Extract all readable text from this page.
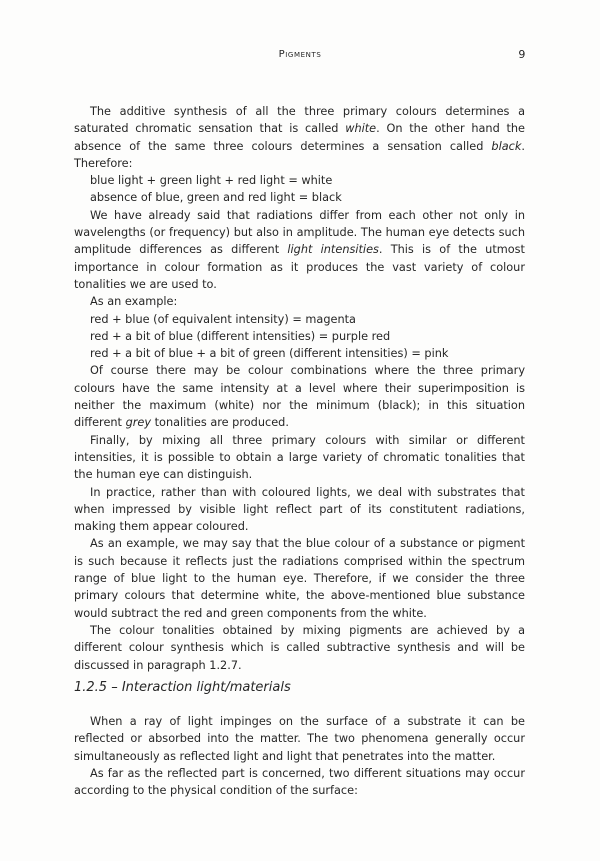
Pigments	9

The additive synthesis of all the three primary colours determines a saturated chromatic sensation that is called white. On the other hand the absence of the same three colours determines a sensation called black. Therefore:

blue light + green light + red light = white

absence of blue, green and red light = black

We have already said that radiations differ from each other not only in wavelengths (or frequency) but also in amplitude. The human eye detects such amplitude differences as different light intensities. This is of the utmost importance in colour formation as it produces the vast variety of colour tonalities we are used to.

As an example:

red + blue (of equivalent intensity) = magenta

red + a bit of blue (different intensities) = purple red

red + a bit of blue + a bit of green (different intensities) = pink

Of course there may be colour combinations where the three primary colours have the same intensity at a level where their superimposition is neither the maximum (white) nor the minimum (black); in this situation different grey tonalities are produced.

Finally, by mixing all three primary colours with similar or different intensities, it is possible to obtain a large variety of chromatic tonalities that the human eye can distinguish.

In practice, rather than with coloured lights, we deal with substrates that when impressed by visible light reflect part of its constitutent radiations, making them appear coloured.

As an example, we may say that the blue colour of a substance or pigment is such because it reflects just the radiations comprised within the spectrum range of blue light to the human eye. Therefore, if we consider the three primary colours that determine white, the above-mentioned blue substance would subtract the red and green components from the white.

The colour tonalities obtained by mixing pigments are achieved by a different colour synthesis which is called subtractive synthesis and will be discussed in paragraph 1.2.7.

1.2.5 – Interaction light/materials

When a ray of light impinges on the surface of a substrate it can be reflected or absorbed into the matter. The two phenomena generally occur simultaneously as reflected light and light that penetrates into the matter.

As far as the reflected part is concerned, two different situations may occur according to the physical condition of the surface:
